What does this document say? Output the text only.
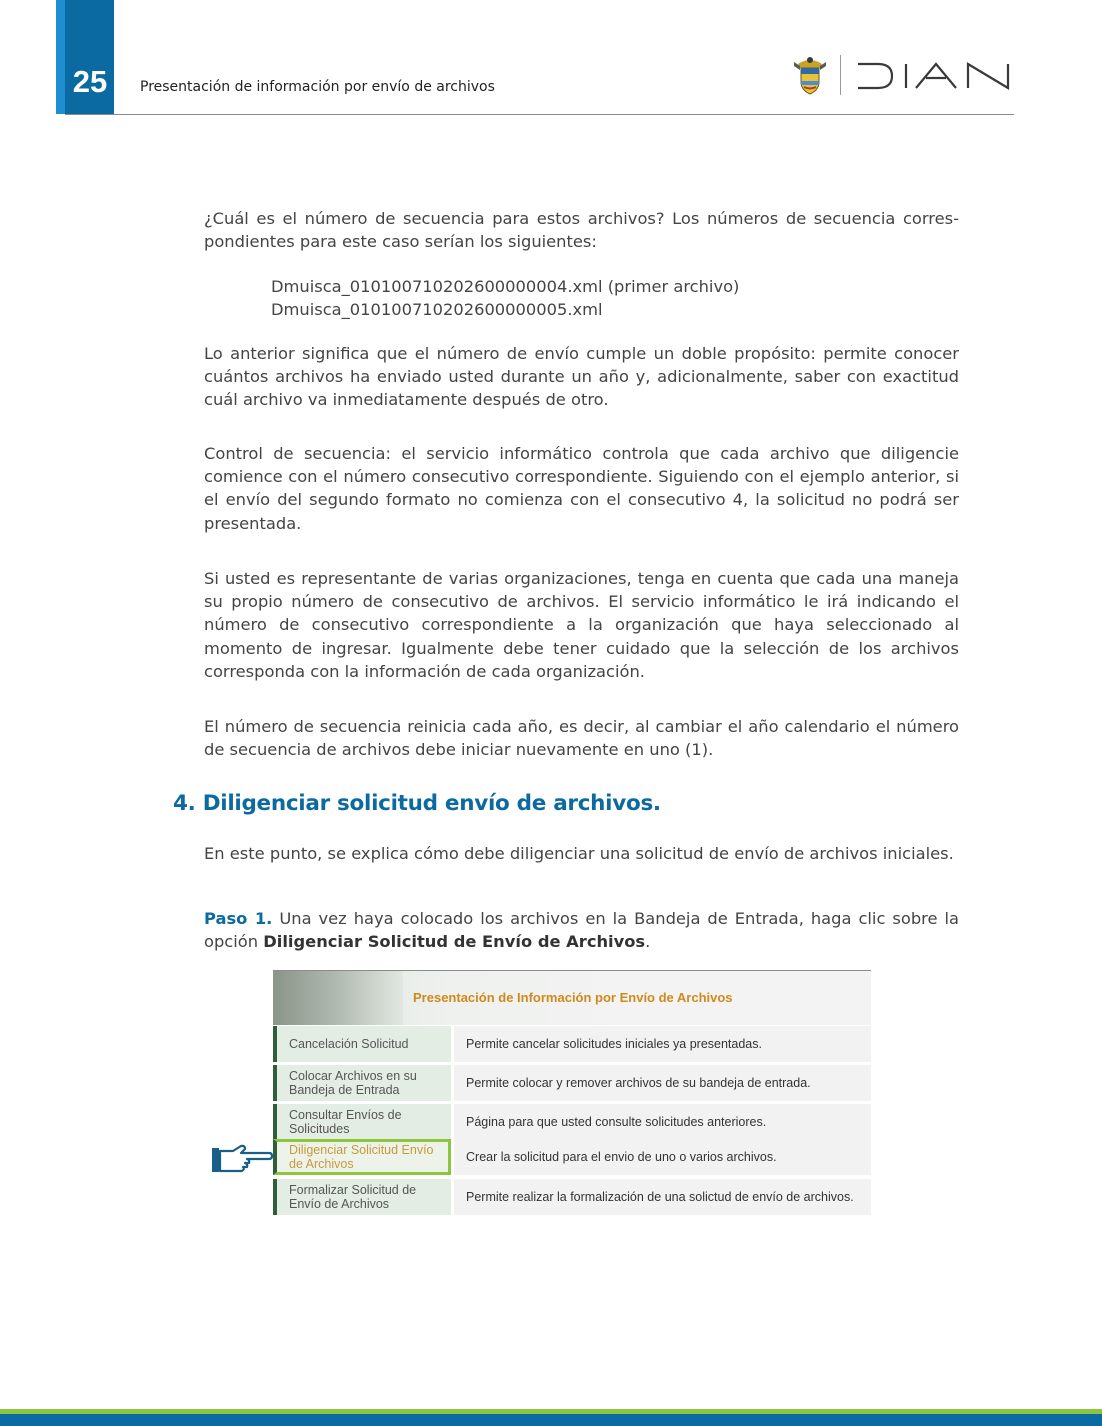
25	Presentación de información por envío de archivos

¿Cuál es el número de secuencia para estos archivos? Los números de secuencia correspondientes para este caso serían los siguientes:

Dmuisca_010100710202600000004.xml (primer archivo)
Dmuisca_010100710202600000005.xml

Lo anterior significa que el número de envío cumple un doble propósito: permite conocer cuántos archivos ha enviado usted durante un año y, adicionalmente, saber con exactitud cuál archivo va inmediatamente después de otro.

Control de secuencia: el servicio informático controla que cada archivo que diligencie comience con el número consecutivo correspondiente. Siguiendo con el ejemplo anterior, si el envío del segundo formato no comienza con el consecutivo 4, la solicitud no podrá ser presentada.

Si usted es representante de varias organizaciones, tenga en cuenta que cada una maneja su propio número de consecutivo de archivos. El servicio informático le irá indicando el número de consecutivo correspondiente a la organización que haya seleccionado al momento de ingresar. Igualmente debe tener cuidado que la selección de los archivos corresponda con la información de cada organización.

El número de secuencia reinicia cada año, es decir, al cambiar el año calendario el número de secuencia de archivos debe iniciar nuevamente en uno (1).

4. Diligenciar solicitud envío de archivos.

En este punto, se explica cómo debe diligenciar una solicitud de envío de archivos iniciales.

Paso 1. Una vez haya colocado los archivos en la Bandeja de Entrada, haga clic sobre la opción Diligenciar Solicitud de Envío de Archivos.

Presentación de Información por Envío de Archivos
Cancelación Solicitud	Permite cancelar solicitudes iniciales ya presentadas.
Colocar Archivos en su Bandeja de Entrada	Permite colocar y remover archivos de su bandeja de entrada.
Consultar Envíos de Solicitudes	Página para que usted consulte solicitudes anteriores.
Diligenciar Solicitud Envío de Archivos	Crear la solicitud para el envio de uno o varios archivos.
Formalizar Solicitud de Envío de Archivos	Permite realizar la formalización de una solictud de envío de archivos.
